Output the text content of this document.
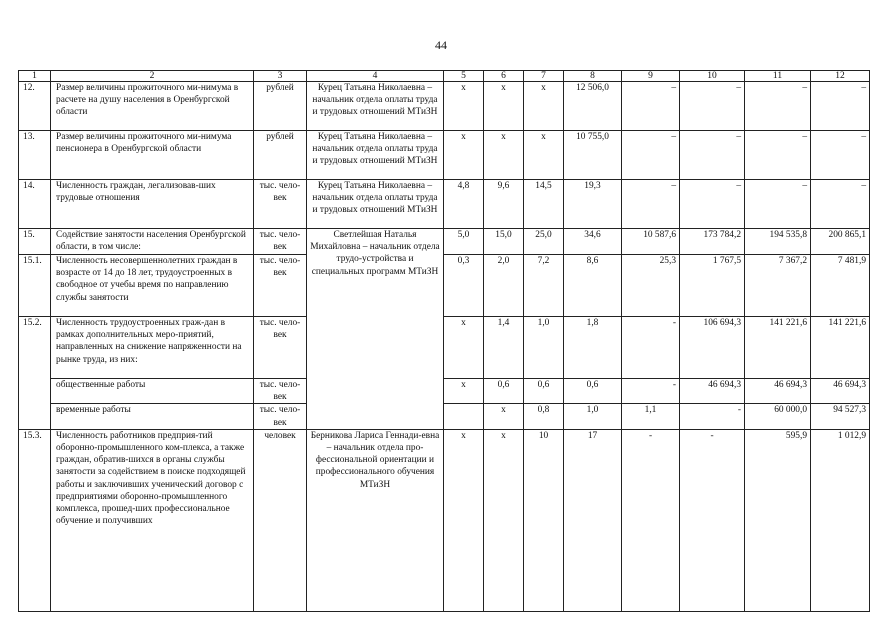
44
1	2	3	4	5	6	7	8	9	10	11	12	
12.	Размер величины прожиточного ми-нимума в расчете на душу населения в Оренбургской области	рублей	Курец Татьяна Николаевна – начальник отдела оплаты труда и трудовых отношений МТиЗН	х	х	х	12 506,0	–	–	–	–	
13.	Размер величины прожиточного ми-нимума пенсионера в Оренбургской области	рублей	Курец Татьяна Николаевна – начальник отдела оплаты труда и трудовых отношений МТиЗН	х	х	х	10 755,0	–	–	–	–	
14.	Численность граждан, легализовав-ших трудовые отношения	тыс. чело-век	Курец Татьяна Николаевна – начальник отдела оплаты труда и трудовых отношений МТиЗН	4,8	9,6	14,5	19,3	–	–	–	–	
15.	Содействие занятости населения Оренбургской области, в том числе:	тыс. чело-век	Светлейшая Наталья Михайловна – начальник отдела трудо-устройства и специальных программ МТиЗН	5,0	15,0	25,0	34,6	10 587,6	173 784,2	194 535,8	200 865,1	
15.1.	Численность несовершеннолетних граждан в возрасте от 14 до 18 лет, трудоустроенных в свободное от учебы время по направлению службы занятости	тыс. чело-век		0,3	2,0	7,2	8,6	25,3	1 767,5	7 367,2	7 481,9	
15.2.	Численность трудоустроенных граж-дан в рамках дополнительных меро-приятий, направленных на снижение напряженности на рынке труда, из них:	тыс. чело-век		х	1,4	1,0	1,8	-	106 694,3	141 221,6	141 221,6	
	общественные работы	тыс. чело-век		х	0,6	0,6	0,6	-	46 694,3	46 694,3	46 694,3	
	временные работы	тыс. чело-век			х	0,8	1,0	1,1	-	60 000,0	94 527,3	
15.3.	Численность работников предприя-тий оборонно-промышленного ком-плекса, а также граждан, обратив-шихся в органы службы занятости за содействием в поиске подходящей работы и заключивших ученический договор с предприятиями оборонно-промышленного комплекса, прошед-ших профессиональное обучение и получивших	человек	Берникова Лариса Геннади-евна – начальник отдела про-фессиональной ориентации и профессионального обучения МТиЗН	х	х	10	17	-	-	595,9	1 012,9	
